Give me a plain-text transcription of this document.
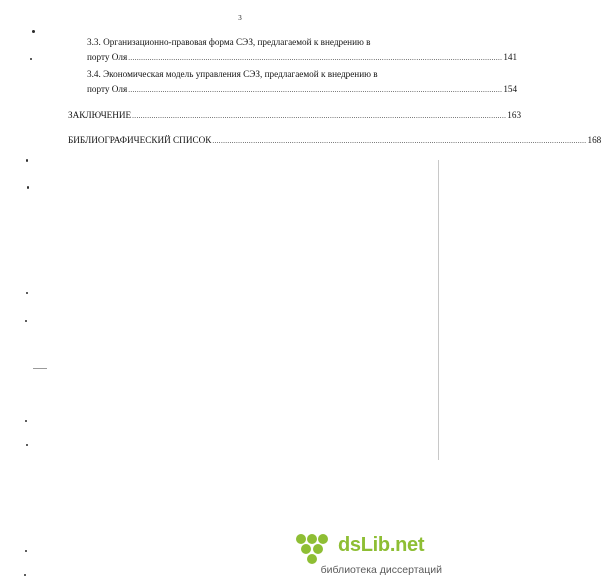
3
3.3. Организационно-правовая форма СЭЗ, предлагаемой к внедрению в
порту Оля .............................................................................................................................................................................. 141
3.4. Экономическая модель управления СЭЗ, предлагаемой к внедрению в
порту Оля .............................................................................................................................................................................. 154
ЗАКЛЮЧЕНИЕ .............................................................................................................................................................................. 163
БИБЛИОГРАФИЧЕСКИЙ СПИСОК .............................................................................................................................................................................. 168
dsLib.net
библиотека диссертаций
